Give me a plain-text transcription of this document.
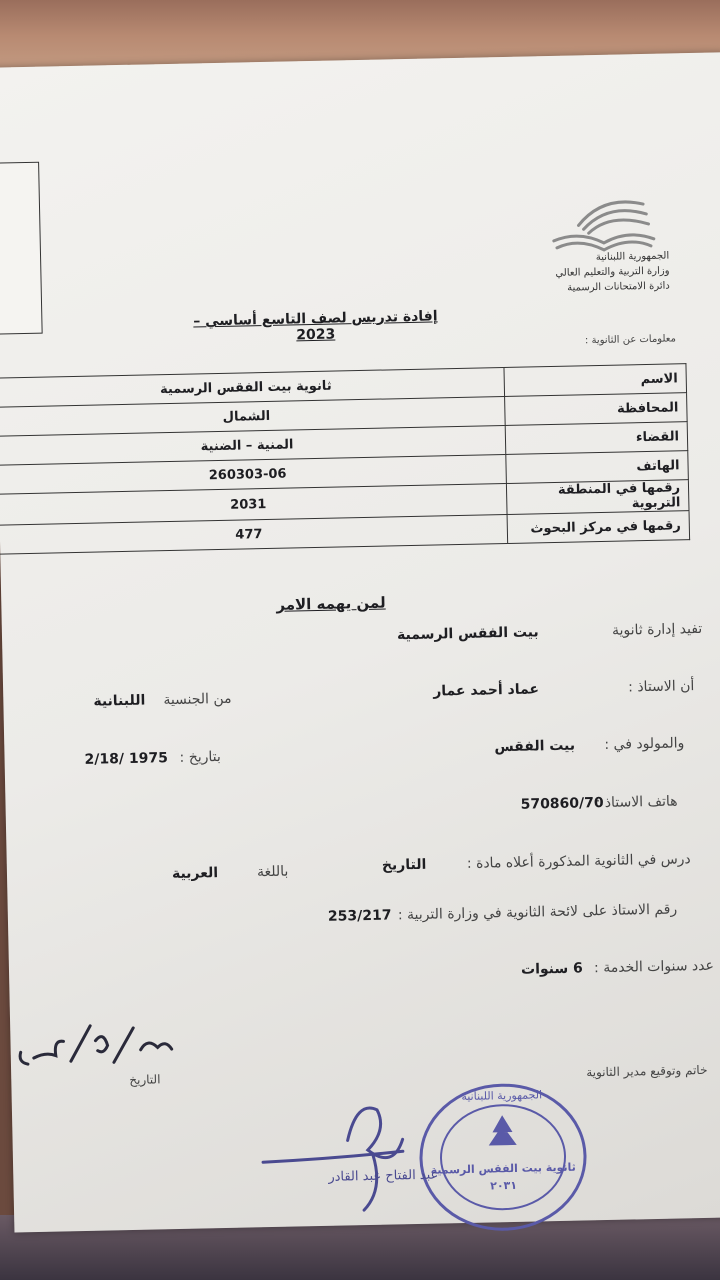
الجمهورية اللبنانية
وزارة التربية والتعليم العالي
دائرة الامتحانات الرسمية
إفادة تدريس لصف التاسع أساسي – 2023	معلومات عن الثانوية :
الاسم	ثانوية بيت الفقس الرسمية
المحافظة	الشمال
القضاء	المنية – الضنية
الهاتف	260303-06
رقمها في المنطقة التربوية	2031
رقمها في مركز البحوث	477
لمن يهمه الامر
تفيد إدارة ثانوية
بيت الفقس الرسمية
أن الاستاذ :
عماد أحمد عمار
من الجنسية
اللبنانية
والمولود في :
بيت الفقس
بتاريخ :
1975 /2/18
هاتف الاستاذ :
570860/70
درس في الثانوية المذكورة أعلاه مادة :
التاريخ
باللغة
العربية
رقم الاستاذ على لائحة الثانوية في وزارة التربية :
253/217
عدد سنوات الخدمة :
6 سنوات
التاريخ
خاتم وتوقيع مدير الثانوية
ثانوية بيت الفقس الرسمية
٢٠٣١
الجمهورية اللبنانية
عبد الفتاح عبد القادر
